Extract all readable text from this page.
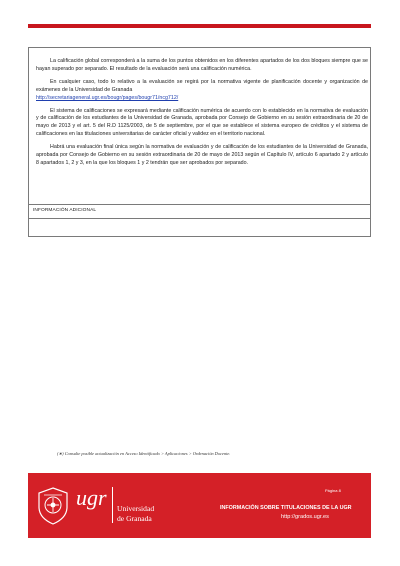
La calificación global corresponderá a la suma de los puntos obtenidos en los diferentes apartados de los dos bloques siempre que se hayan superado por separado. El resultado de la evaluación será una calificación numérica.

En cualquier caso, todo lo relativo a la evaluación se regirá por la normativa vigente de planificación docente y organización de exámenes de la Universidad de Granada
http://secretariageneral.ugr.es/bougr/pages/bougr71/ncg712/

El sistema de calificaciones se expresará mediante calificación numérica de acuerdo con lo establecido en la normativa de evaluación y de calificación de los estudiantes de la Universidad de Granada, aprobada por Consejo de Gobierno en su sesión extraordinaria de 20 de mayo de 2013 y el art. 5 del R.D 1125/2003, de 5 de septiembre, por el que se establece el sistema europeo de créditos y el sistema de calificaciones en las titulaciones universitarias de carácter oficial y validez en el territorio nacional.

Habrá una evaluación final única según la normativa de evaluación y de calificación de los estudiantes de la Universidad de Granada, aprobada por Consejo de Gobierno en su sesión extraordinaria de 20 de mayo de 2013 según el Capítulo IV, artículo 6 apartado 2 y artículo 8 apartados 1, 2 y 3, en la que los bloques 1 y 2 tendrán que ser aprobados por separado.

INFORMACIÓN ADICIONAL
(∗) Consulte posible actualización en Acceso Identificado > Aplicaciones > Ordenación Docente.
ugr Universidad
de Granada
Página 8
INFORMACIÓN SOBRE TITULACIONES DE LA UGR
http://grados.ugr.es
